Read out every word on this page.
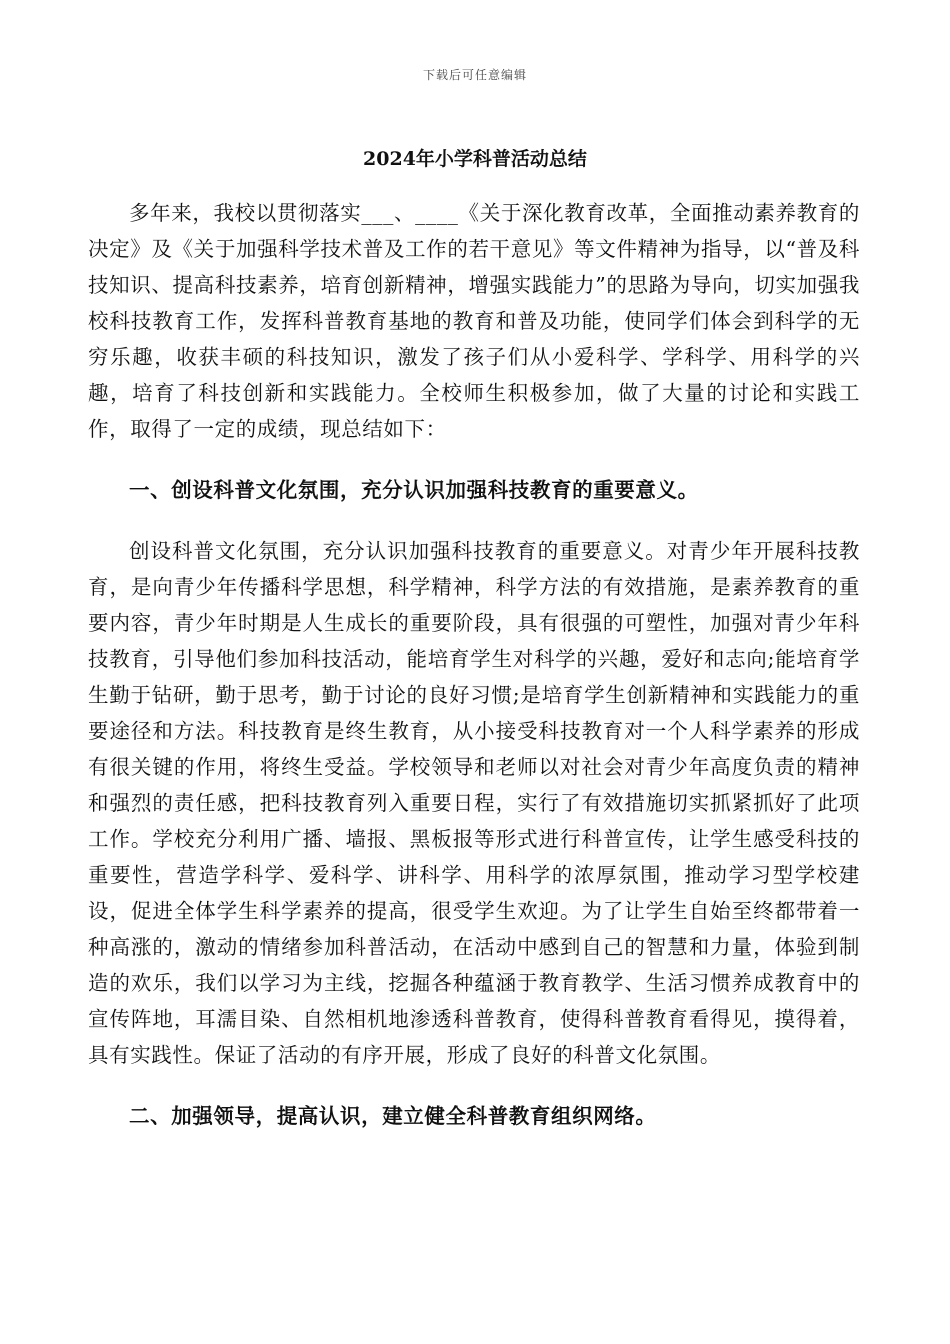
下载后可任意编辑
2024年小学科普活动总结

多年来，我校以贯彻落实___、____《关于深化教育改革，全面推动素养教育的决定》及《关于加强科学技术普及工作的若干意见》等文件精神为指导，以“普及科技知识、提高科技素养，培育创新精神，增强实践能力”的思路为导向，切实加强我校科技教育工作，发挥科普教育基地的教育和普及功能，使同学们体会到科学的无穷乐趣，收获丰硕的科技知识，激发了孩子们从小爱科学、学科学、用科学的兴趣，培育了科技创新和实践能力。全校师生积极参加，做了大量的讨论和实践工作，取得了一定的成绩，现总结如下：

一、创设科普文化氛围，充分认识加强科技教育的重要意义。

创设科普文化氛围，充分认识加强科技教育的重要意义。对青少年开展科技教育，是向青少年传播科学思想，科学精神，科学方法的有效措施，是素养教育的重要内容，青少年时期是人生成长的重要阶段，具有很强的可塑性，加强对青少年科技教育，引导他们参加科技活动，能培育学生对科学的兴趣，爱好和志向;能培育学生勤于钻研，勤于思考，勤于讨论的良好习惯;是培育学生创新精神和实践能力的重要途径和方法。科技教育是终生教育，从小接受科技教育对一个人科学素养的形成有很关键的作用，将终生受益。学校领导和老师以对社会对青少年高度负责的精神和强烈的责任感，把科技教育列入重要日程，实行了有效措施切实抓紧抓好了此项工作。学校充分利用广播、墙报、黑板报等形式进行科普宣传，让学生感受科技的重要性，营造学科学、爱科学、讲科学、用科学的浓厚氛围，推动学习型学校建设，促进全体学生科学素养的提高，很受学生欢迎。为了让学生自始至终都带着一种高涨的，激动的情绪参加科普活动，在活动中感到自己的智慧和力量，体验到制造的欢乐，我们以学习为主线，挖掘各种蕴涵于教育教学、生活习惯养成教育中的宣传阵地，耳濡目染、自然相机地渗透科普教育，使得科普教育看得见，摸得着，具有实践性。保证了活动的有序开展，形成了良好的科普文化氛围。

二、加强领导，提高认识，建立健全科普教育组织网络。
